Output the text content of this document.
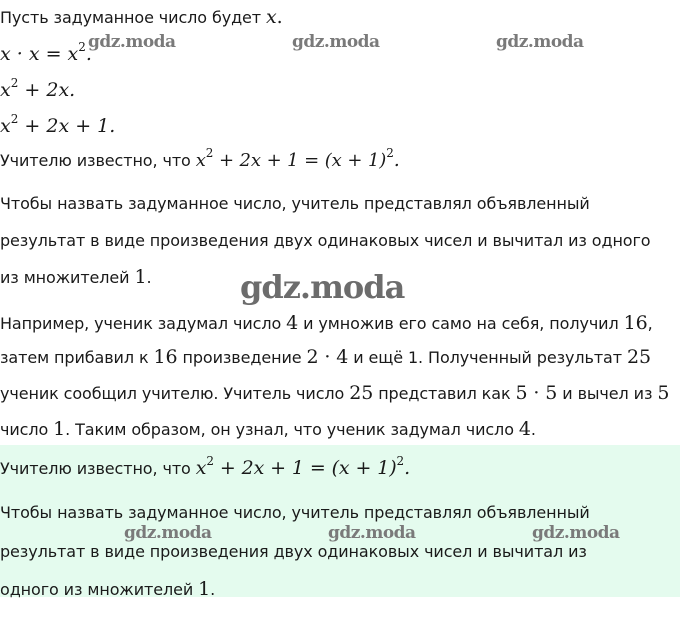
Пусть задуманное число будет x.
$x \cdot x = x^2$.
$x^2 + 2x$.
$x^2 + 2x + 1$.
Учителю известно, что $x^2 + 2x + 1 = (x + 1)^2$.
Чтобы назвать задуманное число, учитель представлял объявленный
результат в виде произведения двух одинаковых чисел и вычитал из одного
из множителей 1.
Например, ученик задумал число 4 и умножив его само на себя, получил 16,
затем прибавил к 16 произведение 2 · 4 и ещё 1. Полученный результат 25
ученик сообщил учителю. Учитель число 25 представил как 5 · 5 и вычел из 5
число 1. Таким образом, он узнал, что ученик задумал число 4.
Учителю известно, что $x^2 + 2x + 1 = (x + 1)^2$.
Чтобы назвать задуманное число, учитель представлял объявленный
результат в виде произведения двух одинаковых чисел и вычитал из
одного из множителей 1.
gdz.moda	gdz.moda	gdz.moda
gdz.moda
gdz.moda	gdz.moda	gdz.moda
